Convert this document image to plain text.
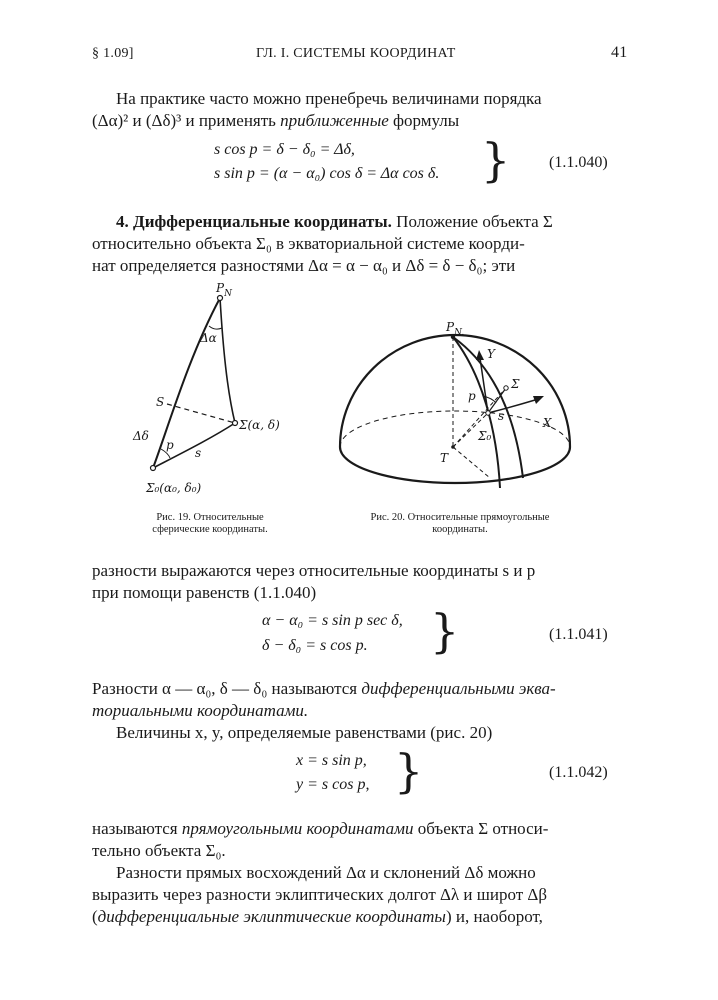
§ 1.09]	ГЛ. I. СИСТЕМЫ КООРДИНАТ	41
На практике часто можно пренебречь величинами порядка
(Δα)² и (Δδ)³ и применять приближенные формулы
s cos p = δ − δ₀ = Δδ,
s sin p = (α − α₀) cos δ = Δα cos δ. } (1.1.040)
4. Дифференциальные координаты. Положение объекта Σ
относительно объекта Σ₀ в экваториальной системе коорди-
нат определяется разностями Δα = α − α₀ и Δδ = δ − δ₀; эти
$P_N$
Δα
S
Σ(α, δ)
Δδ
p
s
Σ₀(α₀, δ₀)
Рис. 19. Относительные
сферические координаты.
$P_{N.}$
Y
Σ
p
s	X
Σ₀
T
Рис. 20. Относительные прямоугольные
координаты.
разности выражаются через относительные координаты s и p
при помощи равенств (1.1.040)
α − α₀ = s sin p sec δ,
δ − δ₀ = s cos p. }	(1.1.041)
Разности α — α₀, δ — δ₀ называются дифференциальными эква-
ториальными координатами.
Величины x, y, определяемые равенствами (рис. 20)
x = s sin p,
y = s cos p, }	(1.1.042)
называются прямоугольными координатами объекта Σ относи-
тельно объекта Σ₀.
Разности прямых восхождений Δα и склонений Δδ можно
выразить через разности эклиптических долгот Δλ и широт Δβ
(дифференциальные эклиптические координаты) и, наоборот,
